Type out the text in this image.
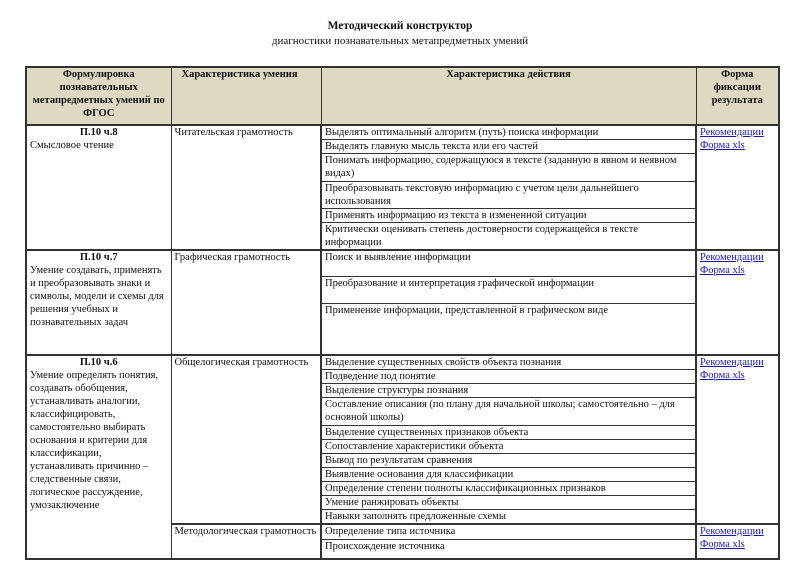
Методический конструктор
диагностики познавательных метапредметных умений
Формулировка познавательных метапредметных умений по ФГОС	Характеристика умения	Характеристика действия	Форма фиксации результата

П.10 ч.8
Смысловое чтение	Читательская грамотность	Выделять оптимальный алгоритм (путь) поиска информации	Рекомендации
Форма xls

		Выделять главную мысль текста или его частей	
		Понимать информацию, содержащуюся в тексте (заданную в явном и неявном видах)	
		Преобразовывать текстовую информацию с учетом цели дальнейшего использования	
		Применять информацию из текста в измененной ситуации	
		Критически оценивать степень достоверности содержащейся в тексте информации	

П.10 ч.7
Умение создавать, применять и преобразовывать знаки и символы, модели и схемы для решения учебных и познавательных задач	Графическая грамотность	Поиск и выявление информации	Рекомендации
Форма xls

		Преобразование и интерпретация графической информации	
		Применение информации, представленной в графическом виде	

П.10 ч.6
Умение определять понятия, создавать обобщения, устанавливать аналогии, классифицировать, самостоятельно выбирать основания и критерии для классификации, устанавливать причинно – следственные связи, логическое рассуждение, умозаключение	Общелогическая грамотность	Выделение существенных свойств объекта познания	Рекомендации
Форма xls

		Подведение под понятие	
		Выделение структуры познания	
		Составление описания (по плану для начальной школы; самостоятельно – для основной школы)	
		Выделение существенных признаков объекта	
		Сопоставление характеристики объекта	
		Вывод по результатам сравнения	
		Выявление основания для классификации	
		Определение степени полноты классификационных признаков	
		Умение ранжировать объекты	
		Навыки заполнять предложенные схемы	
	Методологическая грамотность	Определение типа источника	Рекомендации
Форма xls

		Происхождение источника	
